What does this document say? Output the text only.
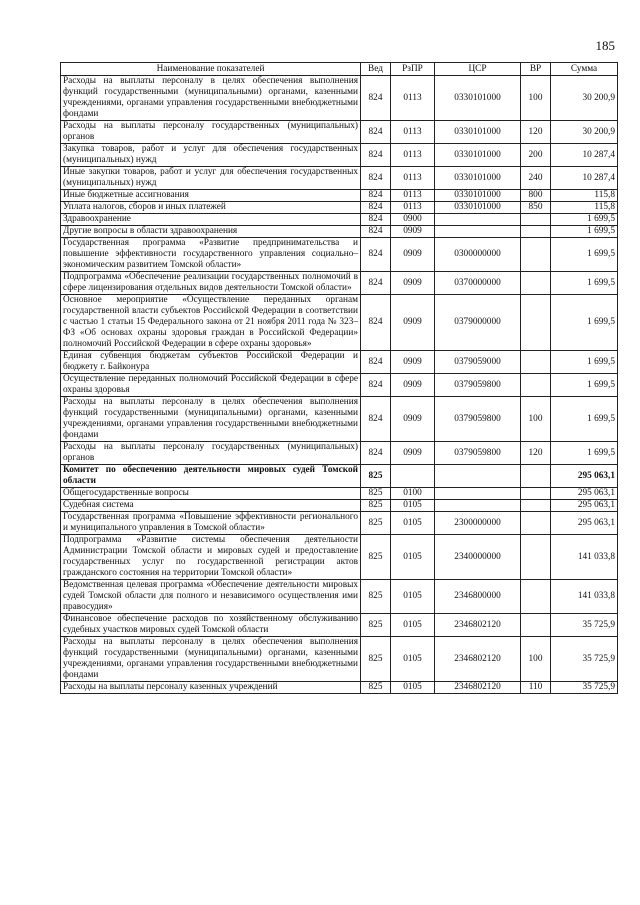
185
Наименование показателей	Вед	РзПР	ЦСР	ВР	Сумма
Расходы на выплаты персоналу в целях обеспечения выполнения функций государственными (муниципальными) органами, казенными учреждениями, органами управления государственными внебюджетными фондами	824	0113	0330101000	100	30 200,9
Расходы на выплаты персоналу государственных (муниципальных) органов	824	0113	0330101000	120	30 200,9
Закупка товаров, работ и услуг для обеспечения государственных (муниципальных) нужд	824	0113	0330101000	200	10 287,4
Иные закупки товаров, работ и услуг для обеспечения государственных (муниципальных) нужд	824	0113	0330101000	240	10 287,4
Иные бюджетные ассигнования	824	0113	0330101000	800	115,8
Уплата налогов, сборов и иных платежей	824	0113	0330101000	850	115,8
Здравоохранение	824	0900			1 699,5
Другие вопросы в области здравоохранения	824	0909			1 699,5
Государственная программа «Развитие предпринимательства и повышение эффективности государственного управления социально–экономическим развитием Томской области»	824	0909	0300000000		1 699,5
Подпрограмма «Обеспечение реализации государственных полномочий в сфере лицензирования отдельных видов деятельности Томской области»	824	0909	0370000000		1 699,5
Основное мероприятие «Осуществление переданных органам государственной власти субъектов Российской Федерации в соответствии с частью 1 статьи 15 Федерального закона от 21 ноября 2011 года № 323–ФЗ «Об основах охраны здоровья граждан в Российской Федерации» полномочий Российской Федерации в сфере охраны здоровья»	824	0909	0379000000		1 699,5
Единая субвенция бюджетам субъектов Российской Федерации и бюджету г. Байконура	824	0909	0379059000		1 699,5
Осуществление переданных полномочий Российской Федерации в сфере охраны здоровья	824	0909	0379059800		1 699,5
Расходы на выплаты персоналу в целях обеспечения выполнения функций государственными (муниципальными) органами, казенными учреждениями, органами управления государственными внебюджетными фондами	824	0909	0379059800	100	1 699,5
Расходы на выплаты персоналу государственных (муниципальных) органов	824	0909	0379059800	120	1 699,5
Комитет по обеспечению деятельности мировых судей Томской области	825				295 063,1
Общегосударственные вопросы	825	0100			295 063,1
Судебная система	825	0105			295 063,1
Государственная программа «Повышение эффективности регионального и муниципального управления в Томской области»	825	0105	2300000000		295 063,1
Подпрограмма «Развитие системы обеспечения деятельности Администрации Томской области и мировых судей и предоставление государственных услуг по государственной регистрации актов гражданского состояния на территории Томской области»	825	0105	2340000000		141 033,8
Ведомственная целевая программа «Обеспечение деятельности мировых судей Томской области для полного и независимого осуществления ими правосудия»	825	0105	2346800000		141 033,8
Финансовое обеспечение расходов по хозяйственному обслуживанию судебных участков мировых судей Томской области	825	0105	2346802120		35 725,9
Расходы на выплаты персоналу в целях обеспечения выполнения функций государственными (муниципальными) органами, казенными учреждениями, органами управления государственными внебюджетными фондами	825	0105	2346802120	100	35 725,9
Расходы на выплаты персоналу казенных учреждений	825	0105	2346802120	110	35 725,9
